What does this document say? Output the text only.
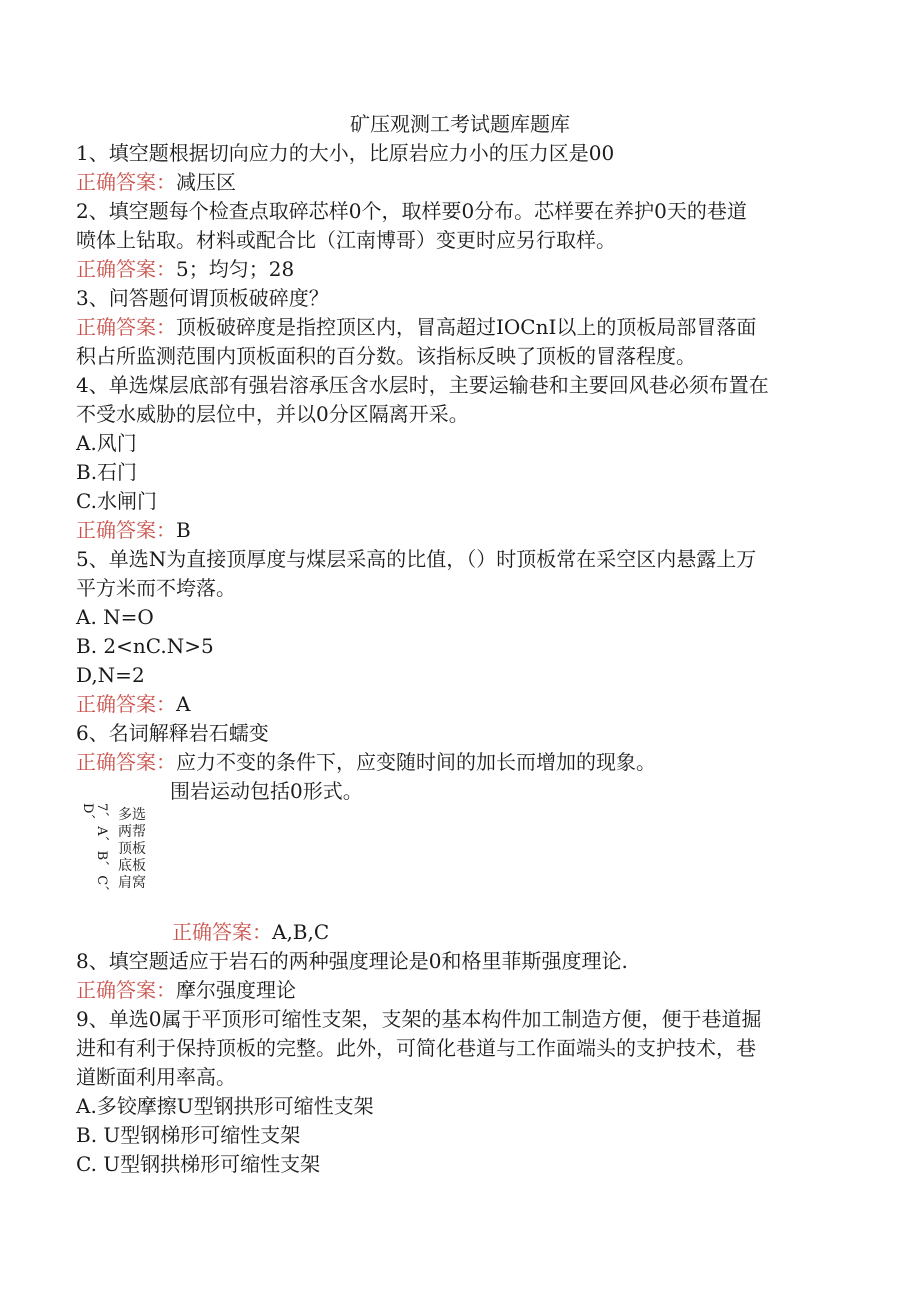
矿压观测工考试题库题库
1、填空题根据切向应力的大小，比原岩应力小的压力区是00
正确答案：减压区
2、填空题每个检查点取碎芯样0个，取样要0分布。芯样要在养护0天的巷道
喷体上钻取。材料或配合比（江南博哥）变更时应另行取样。
正确答案：5；均匀；28
3、问答题何谓顶板破碎度？
正确答案：顶板破碎度是指控顶区内，冒高超过IOCnI以上的顶板局部冒落面
积占所监测范围内顶板面积的百分数。该指标反映了顶板的冒落程度。
4、单选煤层底部有强岩溶承压含水层时，主要运输巷和主要回风巷必须布置在
不受水威胁的层位中，并以0分区隔离开采。
A.风门
B.石门
C.水闸门
正确答案：B
5、单选N为直接顶厚度与煤层采高的比值，（）时顶板常在采空区内悬露上万
平方米而不垮落。
A. N=O
B. 2<nC.N>5
D,N=2
正确答案：A
6、名词解释岩石蠕变
正确答案：应力不变的条件下，应变随时间的加长而增加的现象。
围岩运动包括0形式。
7、A、B、C、D、	多选
两帮
顶板
底板
肩窝
正确答案：A,B,C
8、填空题适应于岩石的两种强度理论是0和格里菲斯强度理论.
正确答案：摩尔强度理论
9、单选0属于平顶形可缩性支架，支架的基本构件加工制造方便，便于巷道掘
进和有利于保持顶板的完整。此外，可简化巷道与工作面端头的支护技术，巷
道断面利用率高。
A.多铰摩擦U型钢拱形可缩性支架
B. U型钢梯形可缩性支架
C. U型钢拱梯形可缩性支架
